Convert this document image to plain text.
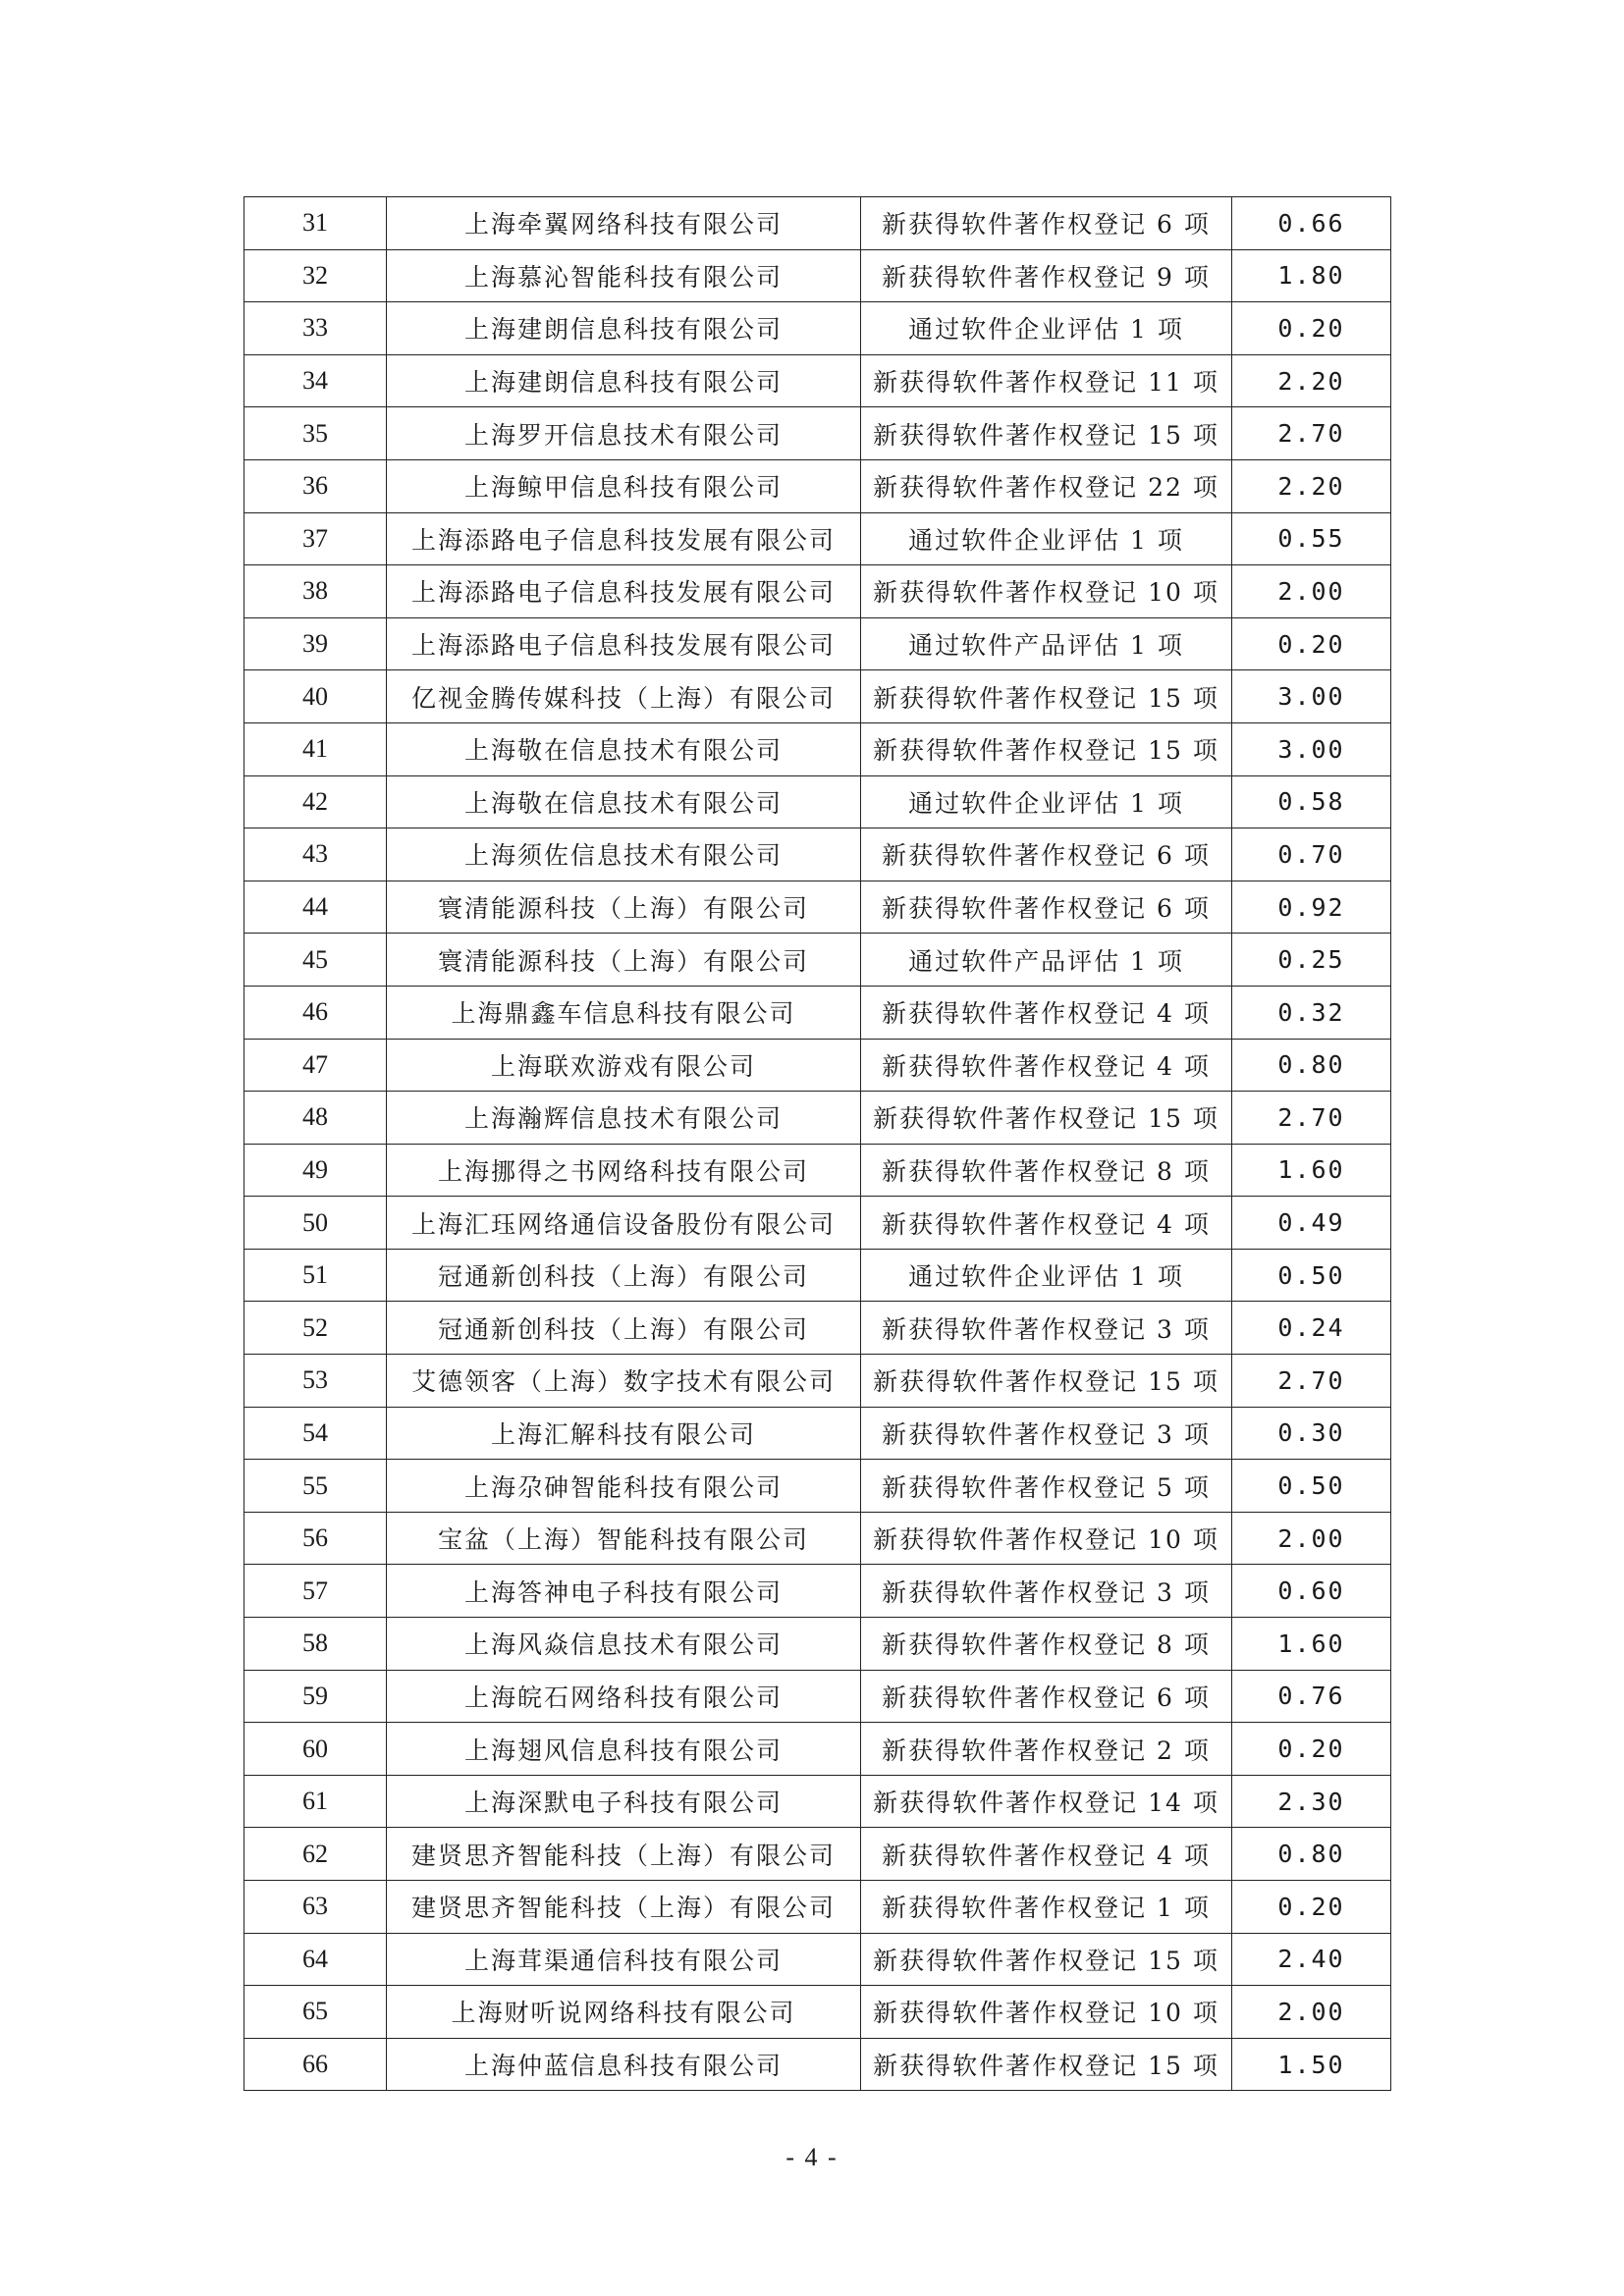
31	上海牵翼网络科技有限公司	新获得软件著作权登记 6 项	0.66
32	上海慕沁智能科技有限公司	新获得软件著作权登记 9 项	1.80
33	上海建朗信息科技有限公司	通过软件企业评估 1 项	0.20
34	上海建朗信息科技有限公司	新获得软件著作权登记 11 项	2.20
35	上海罗开信息技术有限公司	新获得软件著作权登记 15 项	2.70
36	上海鲸甲信息科技有限公司	新获得软件著作权登记 22 项	2.20
37	上海添路电子信息科技发展有限公司	通过软件企业评估 1 项	0.55
38	上海添路电子信息科技发展有限公司	新获得软件著作权登记 10 项	2.00
39	上海添路电子信息科技发展有限公司	通过软件产品评估 1 项	0.20
40	亿视金腾传媒科技（上海）有限公司	新获得软件著作权登记 15 项	3.00
41	上海敬在信息技术有限公司	新获得软件著作权登记 15 项	3.00
42	上海敬在信息技术有限公司	通过软件企业评估 1 项	0.58
43	上海须佐信息技术有限公司	新获得软件著作权登记 6 项	0.70
44	寰清能源科技（上海）有限公司	新获得软件著作权登记 6 项	0.92
45	寰清能源科技（上海）有限公司	通过软件产品评估 1 项	0.25
46	上海鼎鑫车信息科技有限公司	新获得软件著作权登记 4 项	0.32
47	上海联欢游戏有限公司	新获得软件著作权登记 4 项	0.80
48	上海瀚辉信息技术有限公司	新获得软件著作权登记 15 项	2.70
49	上海挪得之书网络科技有限公司	新获得软件著作权登记 8 项	1.60
50	上海汇珏网络通信设备股份有限公司	新获得软件著作权登记 4 项	0.49
51	冠通新创科技（上海）有限公司	通过软件企业评估 1 项	0.50
52	冠通新创科技（上海）有限公司	新获得软件著作权登记 3 项	0.24
53	艾德领客（上海）数字技术有限公司	新获得软件著作权登记 15 项	2.70
54	上海汇解科技有限公司	新获得软件著作权登记 3 项	0.30
55	上海尕砷智能科技有限公司	新获得软件著作权登记 5 项	0.50
56	宝盆（上海）智能科技有限公司	新获得软件著作权登记 10 项	2.00
57	上海答神电子科技有限公司	新获得软件著作权登记 3 项	0.60
58	上海风焱信息技术有限公司	新获得软件著作权登记 8 项	1.60
59	上海皖石网络科技有限公司	新获得软件著作权登记 6 项	0.76
60	上海翅风信息科技有限公司	新获得软件著作权登记 2 项	0.20
61	上海深默电子科技有限公司	新获得软件著作权登记 14 项	2.30
62	建贤思齐智能科技（上海）有限公司	新获得软件著作权登记 4 项	0.80
63	建贤思齐智能科技（上海）有限公司	新获得软件著作权登记 1 项	0.20
64	上海茸渠通信科技有限公司	新获得软件著作权登记 15 项	2.40
65	上海财听说网络科技有限公司	新获得软件著作权登记 10 项	2.00
66	上海仲蓝信息科技有限公司	新获得软件著作权登记 15 项	1.50
- 4 -
